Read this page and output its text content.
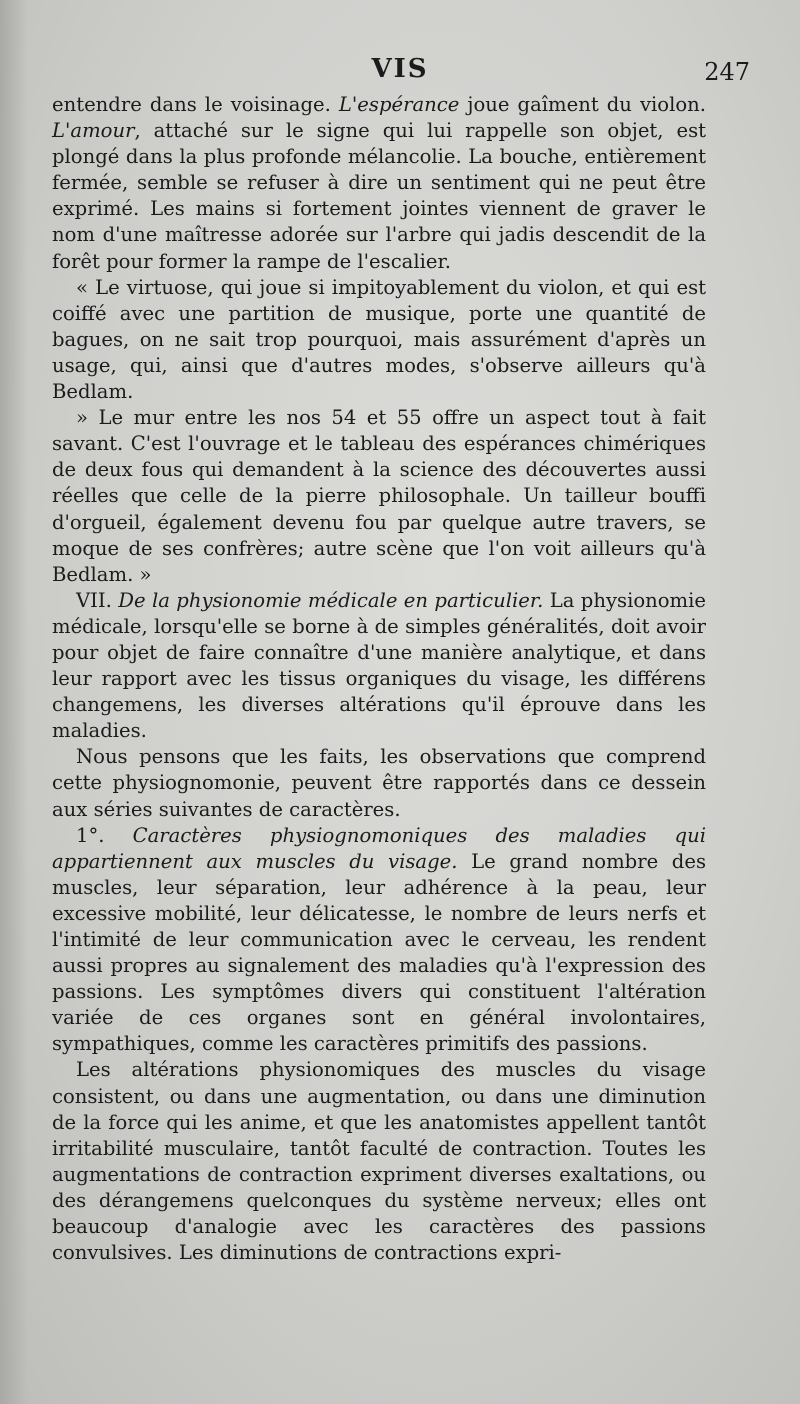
VIS	247

entendre dans le voisinage. L'espérance joue gaîment du violon. L'amour, attaché sur le signe qui lui rappelle son objet, est plongé dans la plus profonde mélancolie. La bouche, entièrement fermée, semble se refuser à dire un sentiment qui ne peut être exprimé. Les mains si fortement jointes viennent de graver le nom d'une maîtresse adorée sur l'arbre qui jadis descendit de la forêt pour former la rampe de l'escalier.

« Le virtuose, qui joue si impitoyablement du violon, et qui est coiffé avec une partition de musique, porte une quantité de bagues, on ne sait trop pourquoi, mais assurément d'après un usage, qui, ainsi que d'autres modes, s'observe ailleurs qu'à Bedlam.

» Le mur entre les nos 54 et 55 offre un aspect tout à fait savant. C'est l'ouvrage et le tableau des espérances chimériques de deux fous qui demandent à la science des découvertes aussi réelles que celle de la pierre philosophale. Un tailleur bouffi d'orgueil, également devenu fou par quelque autre travers, se moque de ses confrères; autre scène que l'on voit ailleurs qu'à Bedlam. »

VII. De la physionomie médicale en particulier. La physionomie médicale, lorsqu'elle se borne à de simples généralités, doit avoir pour objet de faire connaître d'une manière analytique, et dans leur rapport avec les tissus organiques du visage, les différens changemens, les diverses altérations qu'il éprouve dans les maladies.

Nous pensons que les faits, les observations que comprend cette physiognomonie, peuvent être rapportés dans ce dessein aux séries suivantes de caractères.

1°. Caractères physiognomoniques des maladies qui appartiennent aux muscles du visage. Le grand nombre des muscles, leur séparation, leur adhérence à la peau, leur excessive mobilité, leur délicatesse, le nombre de leurs nerfs et l'intimité de leur communication avec le cerveau, les rendent aussi propres au signalement des maladies qu'à l'expression des passions. Les symptômes divers qui constituent l'altération variée de ces organes sont en général involontaires, sympathiques, comme les caractères primitifs des passions.

Les altérations physionomiques des muscles du visage consistent, ou dans une augmentation, ou dans une diminution de la force qui les anime, et que les anatomistes appellent tantôt irritabilité musculaire, tantôt faculté de contraction. Toutes les augmentations de contraction expriment diverses exaltations, ou des dérangemens quelconques du système nerveux; elles ont beaucoup d'analogie avec les caractères des passions convulsives. Les diminutions de contractions expri-
